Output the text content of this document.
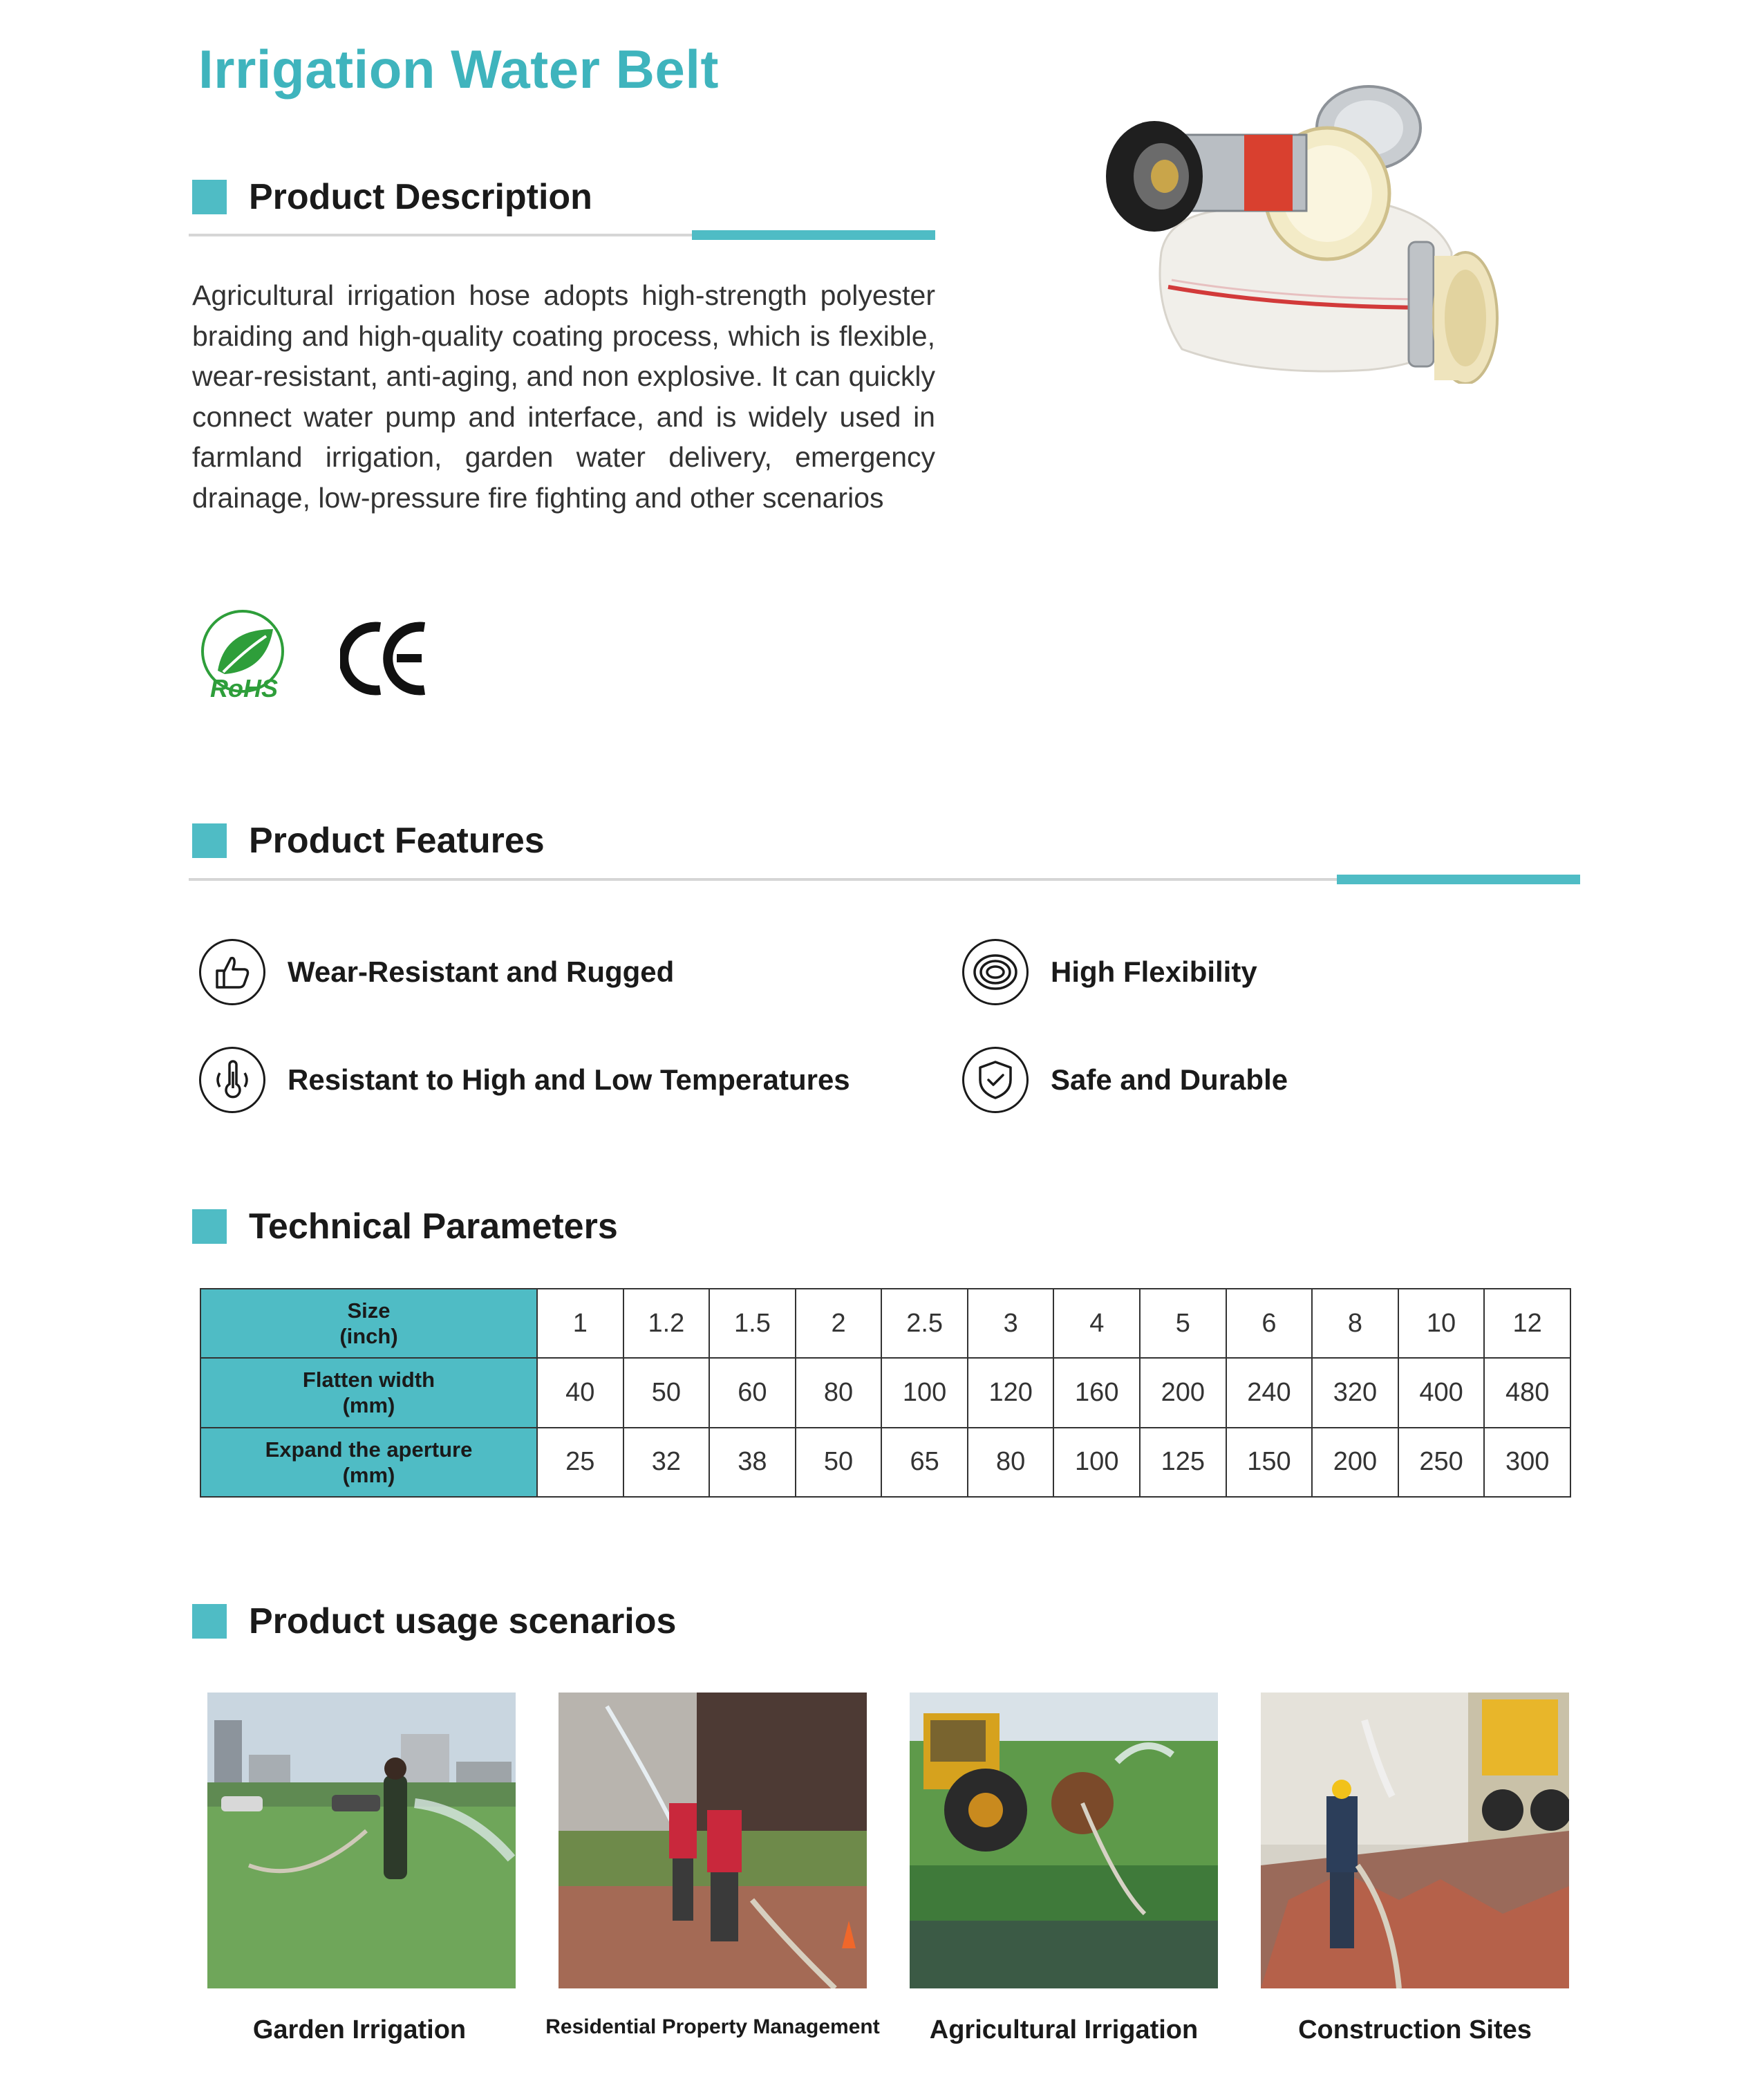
Irrigation Water Belt
Product Description
Agricultural irrigation hose adopts high-strength polyester braiding and high-quality coating process, which is flexible, wear-resistant, anti-aging, and non explosive. It can quickly connect water pump and interface, and is widely used in farmland irrigation, garden water delivery, emergency drainage, low-pressure fire fighting and other scenarios
RoHS
Product Features
Wear-Resistant and Rugged	High Flexibility
Resistant to High and Low Temperatures	Safe and Durable
Technical Parameters
Size
(inch)	1	1.2	1.5	2	2.5	3	4	5	6	8	10	12

Flatten width
(mm)	40	50	60	80	100	120	160	200	240	320	400	480

Expand the aperture
(mm)	25	32	38	50	65	80	100	125	150	200	250	300
Product usage scenarios
Garden Irrigation	Residential Property Management	Agricultural Irrigation	Construction Sites
